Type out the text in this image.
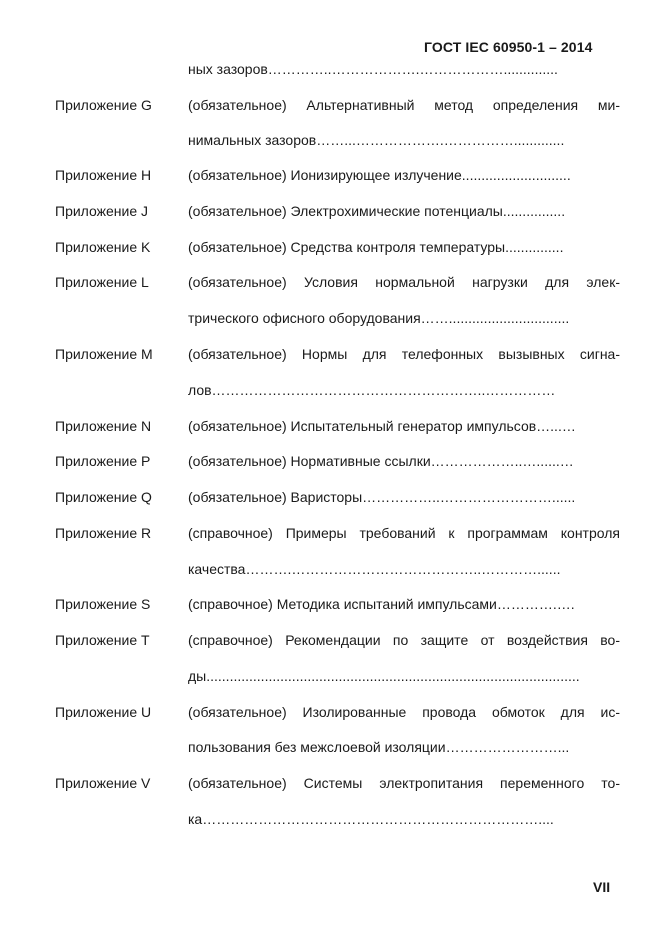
ГОСТ IEC 60950-1 – 2014
ных зазоров…………..……………….………………..............
Приложение G	(обязательное) Альтернативный метод определения ми-
нимальных зазоров……...……………….…………….............
Приложение H	(обязательное) Ионизирующее излучение............................
Приложение J	(обязательное) Электрохимические потенциалы................
Приложение K	(обязательное) Средства контроля температуры...............
Приложение L	(обязательное) Условия нормальной нагрузки для элек-
трического офисного оборудования……...............................
Приложение M	(обязательное) Нормы для телефонных вызывных сигна-
лов…………………………………………………..……………
Приложение N	(обязательное) Испытательный генератор импульсов…...…
Приложение P	(обязательное) Нормативные ссылки………………..…......…
Приложение Q	(обязательное) Варисторы……………..……………………......
Приложение R	(справочное) Примеры требований к программам контроля
качества……….…………………………………..…………......
Приложение S	(справочное) Методика испытаний импульсами………….….
Приложение T	(справочное) Рекомендации по защите от воздействия во-
ды................................................................................................
Приложение U	(обязательное) Изолированные провода обмоток для ис-
пользования без межслоевой изоляции……………………...
Приложение V	(обязательное) Системы электропитания переменного то-
ка………………………………………………………………....
VII
